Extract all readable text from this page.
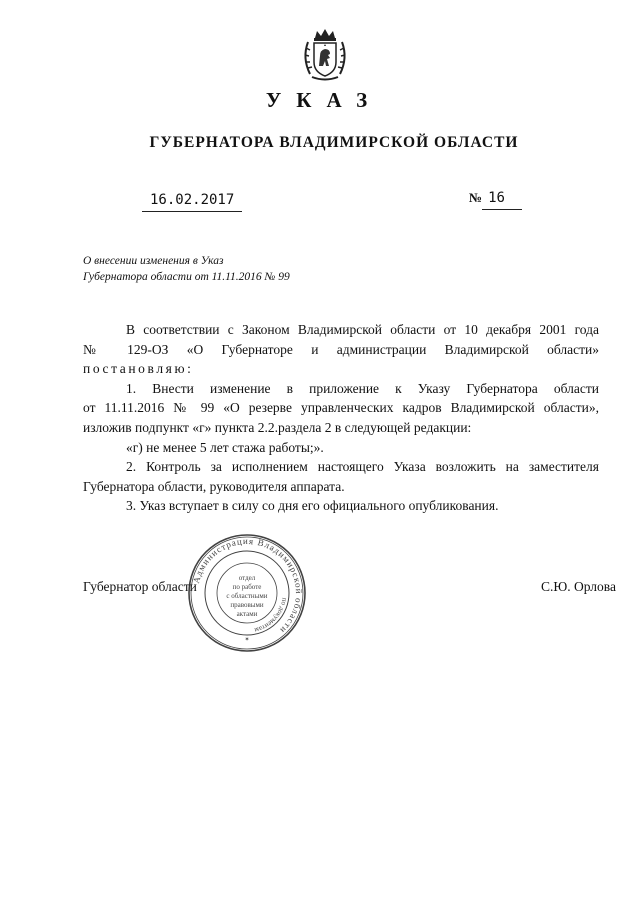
УКАЗ
ГУБЕРНАТОРА ВЛАДИМИРСКОЙ ОБЛАСТИ
16.02.2017	№ 16
О внесении изменения в Указ
Губернатора области от 11.11.2016 № 99

В соответствии с Законом Владимирской области от 10 декабря 2001 года

№ 129-ОЗ «О Губернаторе и администрации Владимирской области»

постановляю:

1. Внести изменение в приложение к Указу Губернатора области

от 11.11.2016 № 99 «О резерве управленческих кадров Владимирской области»,

изложив подпункт «г» пункта 2.2.раздела 2 в следующей редакции:

«г) не менее 5 лет стажа работы;».

2. Контроль за исполнением настоящего Указа возложить на заместителя

Губернатора области, руководителя аппарата.

3. Указ вступает в силу со дня его официального опубликования.

Губернатор области	С.Ю. Орлова
Администрация Владимирской области
по документам
отдел
по работе
с областными
правовыми
актами
✶
